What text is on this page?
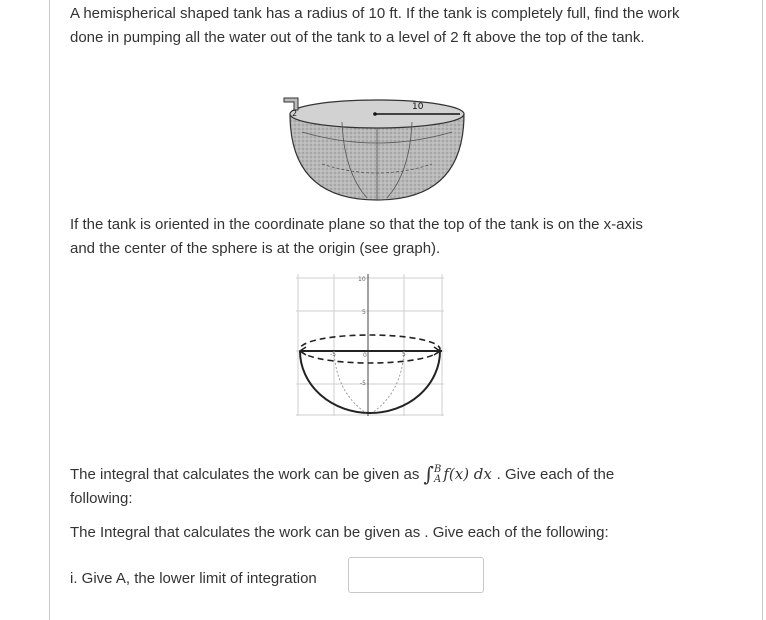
A hemispherical shaped tank has a radius of 10 ft. If the tank is completely full, find the work done in pumping all the water out of the tank to a level of 2 ft above the top of the tank.

10
2

If the tank is oriented in the coordinate plane so that the top of the tank is on the x-axis and the center of the sphere is at the origin (see graph).

10
5
0
-5
-5	5

The integral that calculates the work can be given as ∫ B
A f(x) dx . Give each of the following:

The Integral that calculates the work can be given as . Give each of the following:

i. Give A, the lower limit of integration
